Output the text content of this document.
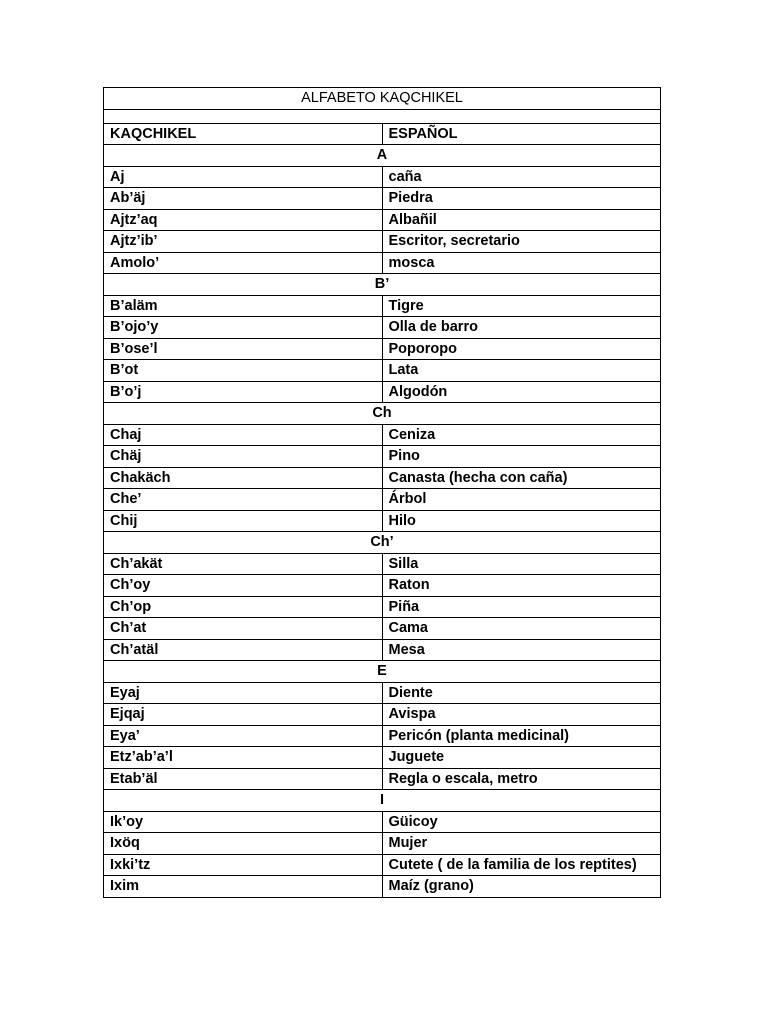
ALFABETO KAQCHIKEL	

KAQCHIKEL	ESPAÑOL
A	
Aj	caña
Ab’äj	Piedra
Ajtz’aq	Albañil
Ajtz’ib’	Escritor, secretario
Amolo’	mosca
B’	
B’aläm	Tigre
B’ojo’y	Olla de barro
B’ose’l	Poporopo
B’ot	Lata
B’o’j	Algodón
Ch	
Chaj	Ceniza
Chäj	Pino
Chakäch	Canasta (hecha con caña)
Che’	Árbol
Chij	Hilo
Ch’	
Ch’akät	Silla
Ch’oy	Raton
Ch’op	Piña
Ch’at	Cama
Ch’atäl	Mesa
E	
Eyaj	Diente
Ejqaj	Avispa
Eya’	Pericón (planta medicinal)
Etz’ab’a’l	Juguete
Etab’äl	Regla o escala, metro
I	
Ik’oy	Güicoy
Ixöq	Mujer
Ixki’tz	Cutete ( de la familia de los reptites)
Ixim	Maíz (grano)
